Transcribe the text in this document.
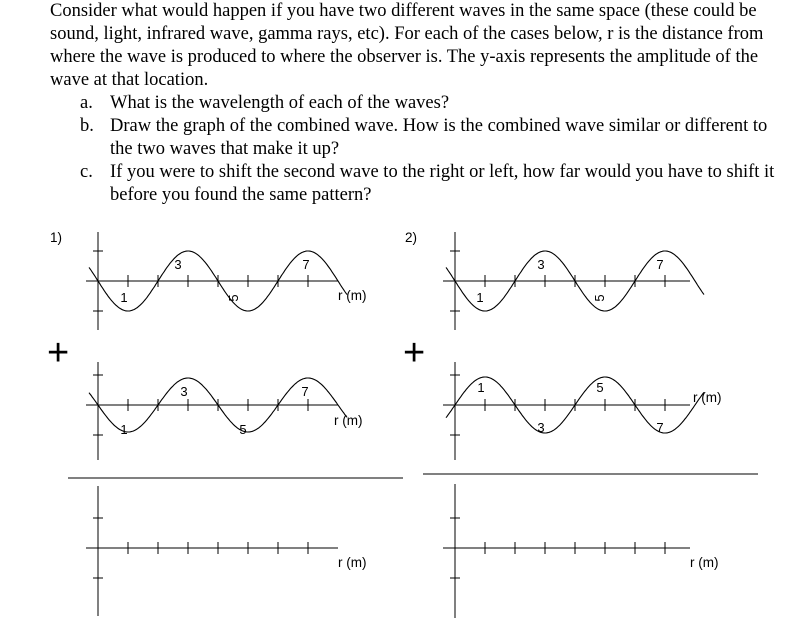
Consider what would happen if you have two different waves in the same space (these could be sound, light, infrared wave, gamma rays, etc). For each of the cases below, r is the distance from where the wave is produced to where the observer is. The y-axis represents the amplitude of the wave at that location.

a. What is the wavelength of each of the waves?
b. Draw the graph of the combined wave. How is the combined wave similar or different to the two waves that make it up?
c. If you were to shift the second wave to the right or left, how far would you have to shift it before you found the same pattern?
1)	2)
+	+
3	7
1	5	r (m)
3	7
1	5
r (m)
r (m)
3	7
1	5
1	5
3	7
r (m)
r (m)
